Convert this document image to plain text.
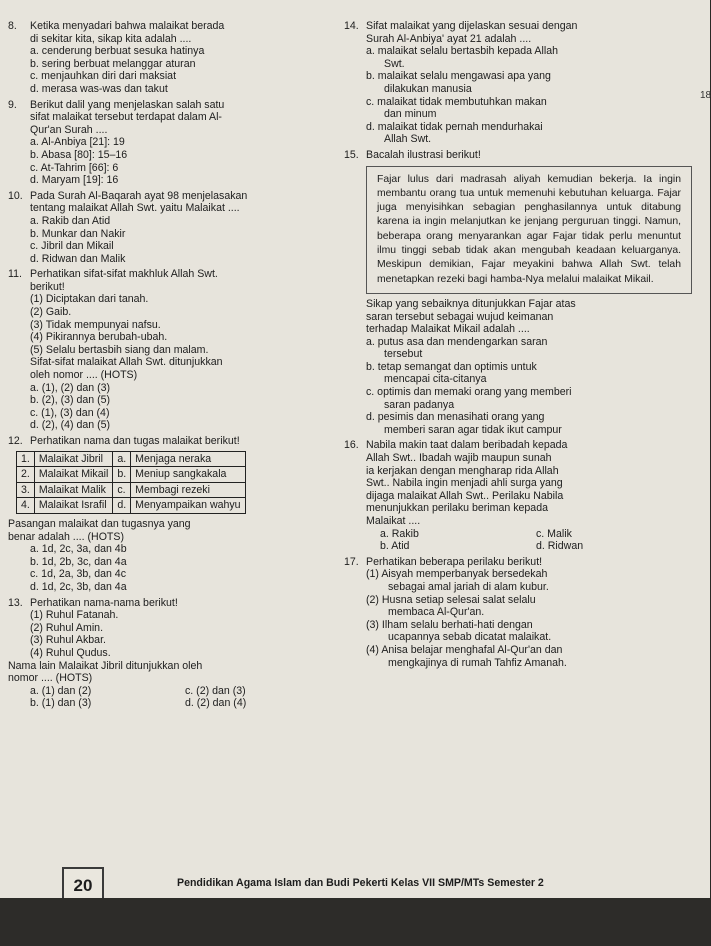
8. Ketika menyadari bahwa malaikat berada
di sekitar kita, sikap kita adalah ....
a. cenderung berbuat sesuka hatinya
b. sering berbuat melanggar aturan
c. menjauhkan diri dari maksiat
d. merasa was-was dan takut
9. Berikut dalil yang menjelaskan salah satu
sifat malaikat tersebut terdapat dalam Al-
Qur'an Surah ....
a. Al-Anbiya [21]: 19
b. Abasa [80]: 15–16
c. At-Tahrim [66]: 6
d. Maryam [19]: 16
10. Pada Surah Al-Baqarah ayat 98 menjelasakan
tentang malaikat Allah Swt. yaitu Malaikat ....
a. Rakib dan Atid
b. Munkar dan Nakir
c. Jibril dan Mikail
d. Ridwan dan Malik
11. Perhatikan sifat-sifat makhluk Allah Swt.
berikut!
(1) Diciptakan dari tanah.
(2) Gaib.
(3) Tidak mempunyai nafsu.
(4) Pikirannya berubah-ubah.
(5) Selalu bertasbih siang dan malam.
Sifat-sifat malaikat Allah Swt. ditunjukkan
oleh nomor .... (HOTS)
a. (1), (2) dan (3)
b. (2), (3) dan (5)
c. (1), (3) dan (4)
d. (2), (4) dan (5)
12. Perhatikan nama dan tugas malaikat berikut!
1.	Malaikat Jibril	a.	Menjaga neraka
2.	Malaikat Mikail	b.	Meniup sangkakala
3.	Malaikat Malik	c.	Membagi rezeki
4.	Malaikat Israfil	d.	Menyampaikan wahyu
Pasangan malaikat dan tugasnya yang
benar adalah .... (HOTS)
a. 1d, 2c, 3a, dan 4b
b. 1d, 2b, 3c, dan 4a
c. 1d, 2a, 3b, dan 4c
d. 1d, 2c, 3b, dan 4a
13. Perhatikan nama-nama berikut!
(1) Ruhul Fatanah.
(2) Ruhul Amin.
(3) Ruhul Akbar.
(4) Ruhul Qudus.
Nama lain Malaikat Jibril ditunjukkan oleh
nomor .... (HOTS)
a. (1) dan (2)	c. (2) dan (3)
b. (1) dan (3)	d. (2) dan (4)
14. Sifat malaikat yang dijelaskan sesuai dengan
Surah Al-Anbiya' ayat 21 adalah ....
a. malaikat selalu bertasbih kepada Allah
Swt.
b. malaikat selalu mengawasi apa yang
dilakukan manusia
c. malaikat tidak membutuhkan makan
dan minum
d. malaikat tidak pernah mendurhakai
Allah Swt.
15. Bacalah ilustrasi berikut!
Fajar lulus dari madrasah aliyah kemudian bekerja. Ia ingin membantu orang tua untuk memenuhi kebutuhan keluarga. Fajar juga menyisihkan sebagian penghasilannya untuk ditabung karena ia ingin melanjutkan ke jenjang perguruan tinggi. Namun, beberapa orang menyarankan agar Fajar tidak perlu menuntut ilmu tinggi sebab tidak akan mengubah keadaan keluarganya. Meskipun demikian, Fajar meyakini bahwa Allah Swt. telah menetapkan rezeki bagi hamba-Nya melalui malaikat Mikail.
Sikap yang sebaiknya ditunjukkan Fajar atas
saran tersebut sebagai wujud keimanan
terhadap Malaikat Mikail adalah ....
a. putus asa dan mendengarkan saran
tersebut
b. tetap semangat dan optimis untuk
mencapai cita-citanya
c. optimis dan memaki orang yang memberi
saran padanya
d. pesimis dan menasihati orang yang
memberi saran agar tidak ikut campur
16. Nabila makin taat dalam beribadah kepada
Allah Swt.. Ibadah wajib maupun sunah
ia kerjakan dengan mengharap rida Allah
Swt.. Nabila ingin menjadi ahli surga yang
dijaga malaikat Allah Swt.. Perilaku Nabila
menunjukkan perilaku beriman kepada
Malaikat ....
a. Rakib	c. Malik
b. Atid	d. Ridwan
17. Perhatikan beberapa perilaku berikut!
(1) Aisyah memperbanyak bersedekah
sebagai amal jariah di alam kubur.
(2) Husna setiap selesai salat selalu
membaca Al-Qur'an.
(3) Ilham selalu berhati-hati dengan
ucapannya sebab dicatat malaikat.
(4) Anisa belajar menghafal Al-Qur'an dan
mengkajinya di rumah Tahfiz Amanah.
18
20	Pendidikan Agama Islam dan Budi Pekerti Kelas VII SMP/MTs Semester 2
